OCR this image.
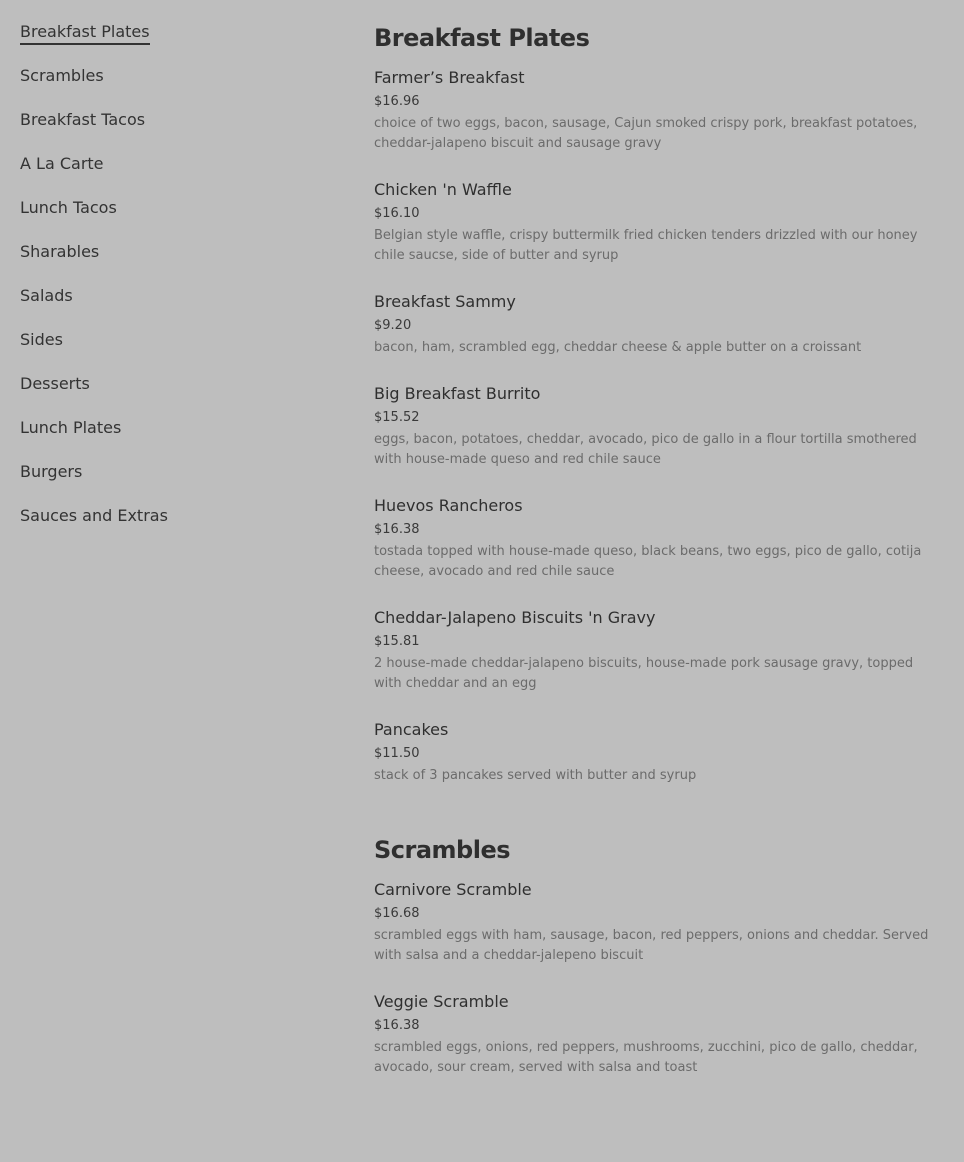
Breakfast Plates
Scrambles
Breakfast Tacos
A La Carte
Lunch Tacos
Sharables
Salads
Sides
Desserts
Lunch Plates
Burgers
Sauces and Extras
Breakfast Plates
Farmer’s Breakfast
$16.96
choice of two eggs, bacon, sausage, Cajun smoked crispy pork, breakfast potatoes, cheddar-jalapeno biscuit and sausage gravy
Chicken 'n Waffle
$16.10
Belgian style waffle, crispy buttermilk fried chicken tenders drizzled with our honey chile saucse, side of butter and syrup
Breakfast Sammy
$9.20
bacon, ham, scrambled egg, cheddar cheese & apple butter on a croissant
Big Breakfast Burrito
$15.52
eggs, bacon, potatoes, cheddar, avocado, pico de gallo in a flour tortilla smothered with house-made queso and red chile sauce
Huevos Rancheros
$16.38
tostada topped with house-made queso, black beans, two eggs, pico de gallo, cotija cheese, avocado and red chile sauce
Cheddar-Jalapeno Biscuits 'n Gravy
$15.81
2 house-made cheddar-jalapeno biscuits, house-made pork sausage gravy, topped with cheddar and an egg
Pancakes
$11.50
stack of 3 pancakes served with butter and syrup
Scrambles
Carnivore Scramble
$16.68
scrambled eggs with ham, sausage, bacon, red peppers, onions and cheddar. Served with salsa and a cheddar-jalepeno biscuit
Veggie Scramble
$16.38
scrambled eggs, onions, red peppers, mushrooms, zucchini, pico de gallo, cheddar, avocado, sour cream, served with salsa and toast
